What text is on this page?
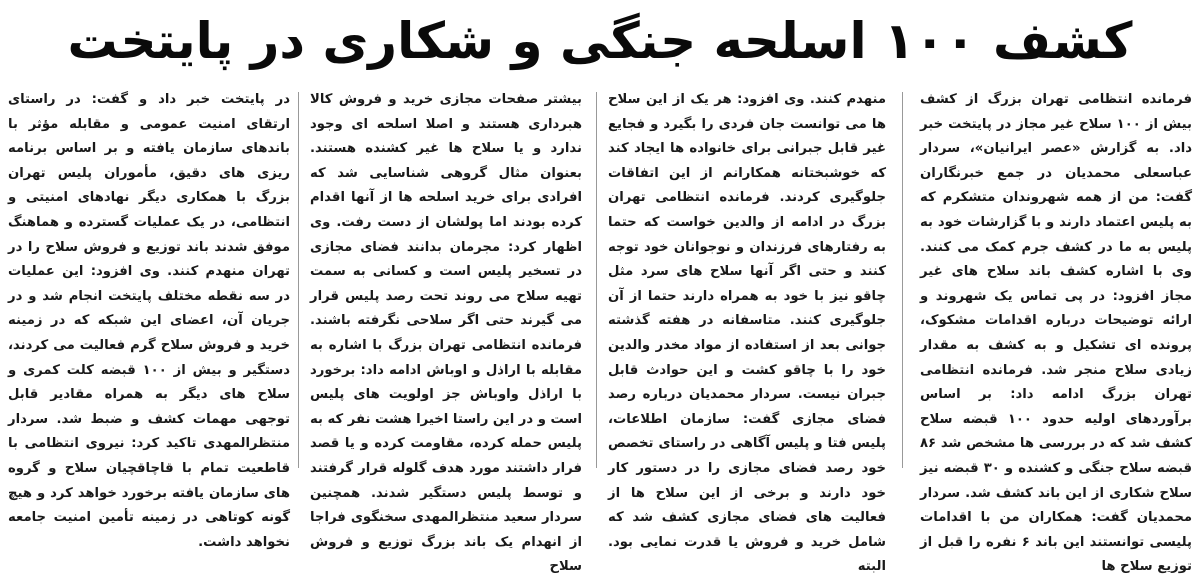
کشف ۱۰۰ اسلحه جنگی و شکاری در پایتخت

فرمانده انتظامی تهران بزرگ از کشف بیش از ۱۰۰ سلاح غیر مجاز در پایتخت خبر داد. به گزارش «عصر ایرانیان»، سردار عباسعلی محمدیان در جمع خبرنگاران گفت: من از همه شهروندان متشکرم که به پلیس اعتماد دارند و با گزارشات خود به پلیس به ما در کشف جرم کمک می کنند. وی با اشاره کشف باند سلاح های غیر مجاز افزود: در پی تماس یک شهروند و ارائه توضیحات درباره اقدامات مشکوک، پرونده ای تشکیل و به کشف به مقدار زیادی سلاح منجر شد. فرمانده انتظامی تهران بزرگ ادامه داد: بر اساس برآوردهای اولیه حدود ۱۰۰ قبضه سلاح کشف شد که در بررسی ها مشخص شد ۸۶ قبضه سلاح جنگی و کشنده و ۳۰ قبضه نیز سلاح شکاری از این باند کشف شد. سردار محمدیان گفت: همکاران من با اقدامات پلیسی توانستند این باند ۶ نفره را قبل از توزیع سلاح ها

منهدم کنند. وی افزود: هر یک از این سلاح ها می توانست جان فردی را بگیرد و فجایع غیر قابل جبرانی برای خانواده ها ایجاد کند که خوشبختانه همکارانم از این اتفاقات جلوگیری کردند. فرمانده انتظامی تهران بزرگ در ادامه از والدین خواست که حتما به رفتارهای فرزندان و نوجوانان خود توجه کنند و حتی اگر آنها سلاح های سرد مثل چاقو نیز با خود به همراه دارند حتما از آن جلوگیری کنند. متاسفانه در هفته گذشته جوانی بعد از استفاده از مواد مخدر والدین خود را با چاقو کشت و این حوادث قابل جبران نیست. سردار محمدیان درباره رصد فضای مجازی گفت: سازمان اطلاعات، پلیس فتا و پلیس آگاهی در راستای تخصص خود رصد فضای مجازی را در دستور کار خود دارند و برخی از این سلاح ها از فعالیت های فضای مجازی کشف شد که شامل خرید و فروش یا قدرت نمایی بود. البته

بیشتر صفحات مجازی خرید و فروش کالا هبرداری هستند و اصلا اسلحه ای وجود ندارد و یا سلاح ها غیر کشنده هستند. بعنوان مثال گروهی شناسایی شد که افرادی برای خرید اسلحه ها از آنها اقدام کرده بودند اما پولشان از دست رفت. وی اظهار کرد: مجرمان بدانند فضای مجازی در تسخیر پلیس است و کسانی به سمت تهیه سلاح می روند تحت رصد پلیس قرار می گیرند حتی اگر سلاحی نگرفته باشند. فرمانده انتظامی تهران بزرگ با اشاره به مقابله با اراذل و اوباش ادامه داد: برخورد با اراذل واوباش جز اولویت های پلیس است و در این راستا اخیرا هشت نفر که به پلیس حمله کرده، مقاومت کرده و یا قصد فرار داشتند مورد هدف گلوله قرار گرفتند و توسط پلیس دستگیر شدند. همچنین سردار سعید منتظرالمهدی سخنگوی فراجا از انهدام یک باند بزرگ توزیع و فروش سلاح

در پایتخت خبر داد و گفت: در راستای ارتقای امنیت عمومی و مقابله مؤثر با باندهای سازمان یافته و بر اساس برنامه ریزی های دقیق، مأموران پلیس تهران بزرگ با همکاری دیگر نهادهای امنیتی و انتظامی، در یک عملیات گسترده و هماهنگ موفق شدند باند توزیع و فروش سلاح را در تهران منهدم کنند. وی افزود: این عملیات در سه نقطه مختلف پایتخت انجام شد و در جریان آن، اعضای این شبکه که در زمینه خرید و فروش سلاح گرم فعالیت می کردند، دستگیر و بیش از ۱۰۰ قبضه کلت کمری و سلاح های دیگر به همراه مقادیر قابل توجهی مهمات کشف و ضبط شد. سردار منتظرالمهدی تاکید کرد: نیروی انتظامی با قاطعیت تمام با قاچاقچیان سلاح و گروه های سازمان یافته برخورد خواهد کرد و هیچ گونه کوتاهی در زمینه تأمین امنیت جامعه نخواهد داشت.
